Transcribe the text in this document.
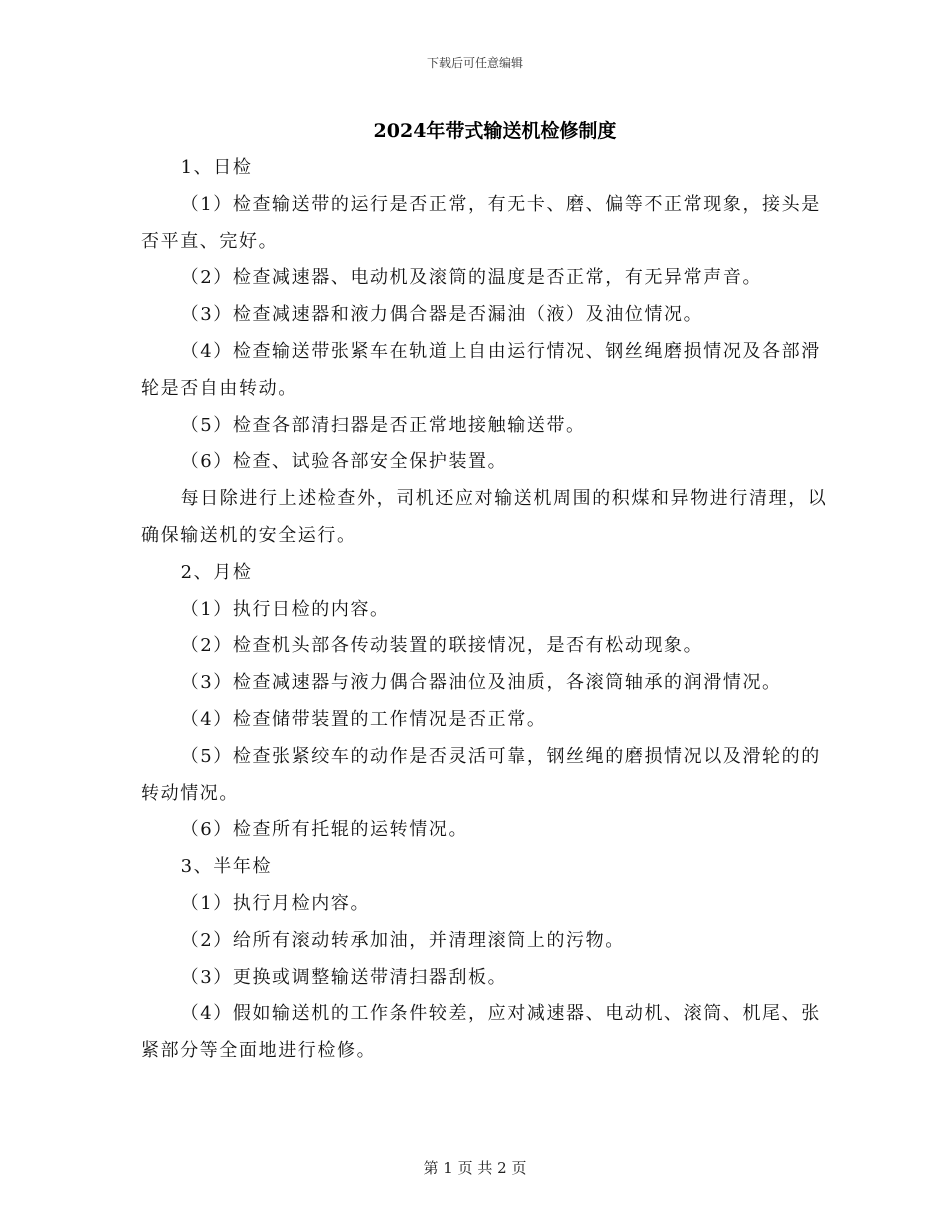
下载后可任意编辑
2024年带式输送机检修制度

1、日检

（1）检查输送带的运行是否正常，有无卡、磨、偏等不正常现象，接头是否平直、完好。

（2）检查减速器、电动机及滚筒的温度是否正常，有无异常声音。

（3）检查减速器和液力偶合器是否漏油（液）及油位情况。

（4）检查输送带张紧车在轨道上自由运行情况、钢丝绳磨损情况及各部滑轮是否自由转动。

（5）检查各部清扫器是否正常地接触输送带。

（6）检查、试验各部安全保护装置。

每日除进行上述检查外，司机还应对输送机周围的积煤和异物进行清理，以确保输送机的安全运行。

2、月检

（1）执行日检的内容。

（2）检查机头部各传动装置的联接情况，是否有松动现象。

（3）检查减速器与液力偶合器油位及油质，各滚筒轴承的润滑情况。

（4）检查储带装置的工作情况是否正常。

（5）检查张紧绞车的动作是否灵活可靠，钢丝绳的磨损情况以及滑轮的的转动情况。

（6）检查所有托辊的运转情况。

3、半年检

（1）执行月检内容。

（2）给所有滚动转承加油，并清理滚筒上的污物。

（3）更换或调整输送带清扫器刮板。

（4）假如输送机的工作条件较差，应对减速器、电动机、滚筒、机尾、张紧部分等全面地进行检修。

第 1 页 共 2 页
